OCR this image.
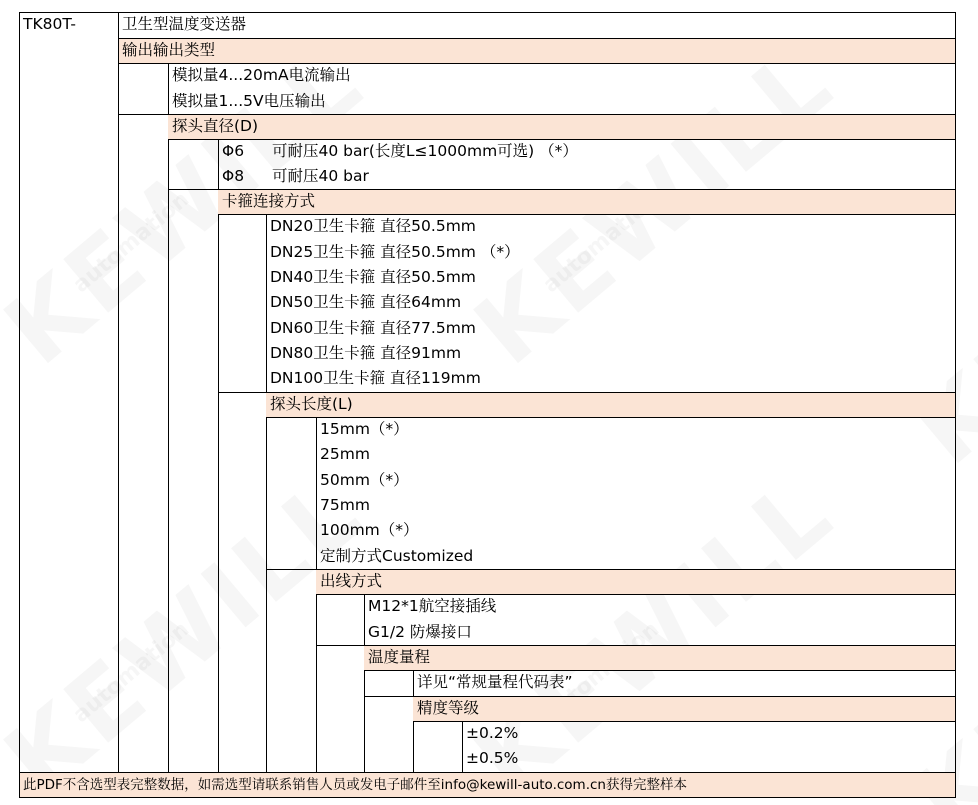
TK80T-	卫生型温度变送器
输出输出类型
模拟量4...20mA电流输出
模拟量1...5V电压输出
探头直径(D)
Φ6 可耐压40 bar(长度L≤1000mm可选) （*）
Φ8 可耐压40 bar
卡箍连接方式
DN20卫生卡箍 直径50.5mm
DN25卫生卡箍 直径50.5mm （*）
DN40卫生卡箍 直径50.5mm
DN50卫生卡箍 直径64mm
DN60卫生卡箍 直径77.5mm
DN80卫生卡箍 直径91mm
DN100卫生卡箍 直径119mm
探头长度(L)
15mm（*）
25mm
50mm（*）
75mm
100mm（*）
定制方式Customized
出线方式
M12*1航空接插线
G1/2 防爆接口
温度量程
详见“常规量程代码表”
精度等级
±0.2%
±0.5%
此PDF不含选型表完整数据，如需选型请联系销售人员或发电子邮件至info@kewill-auto.com.cn获得完整样本
